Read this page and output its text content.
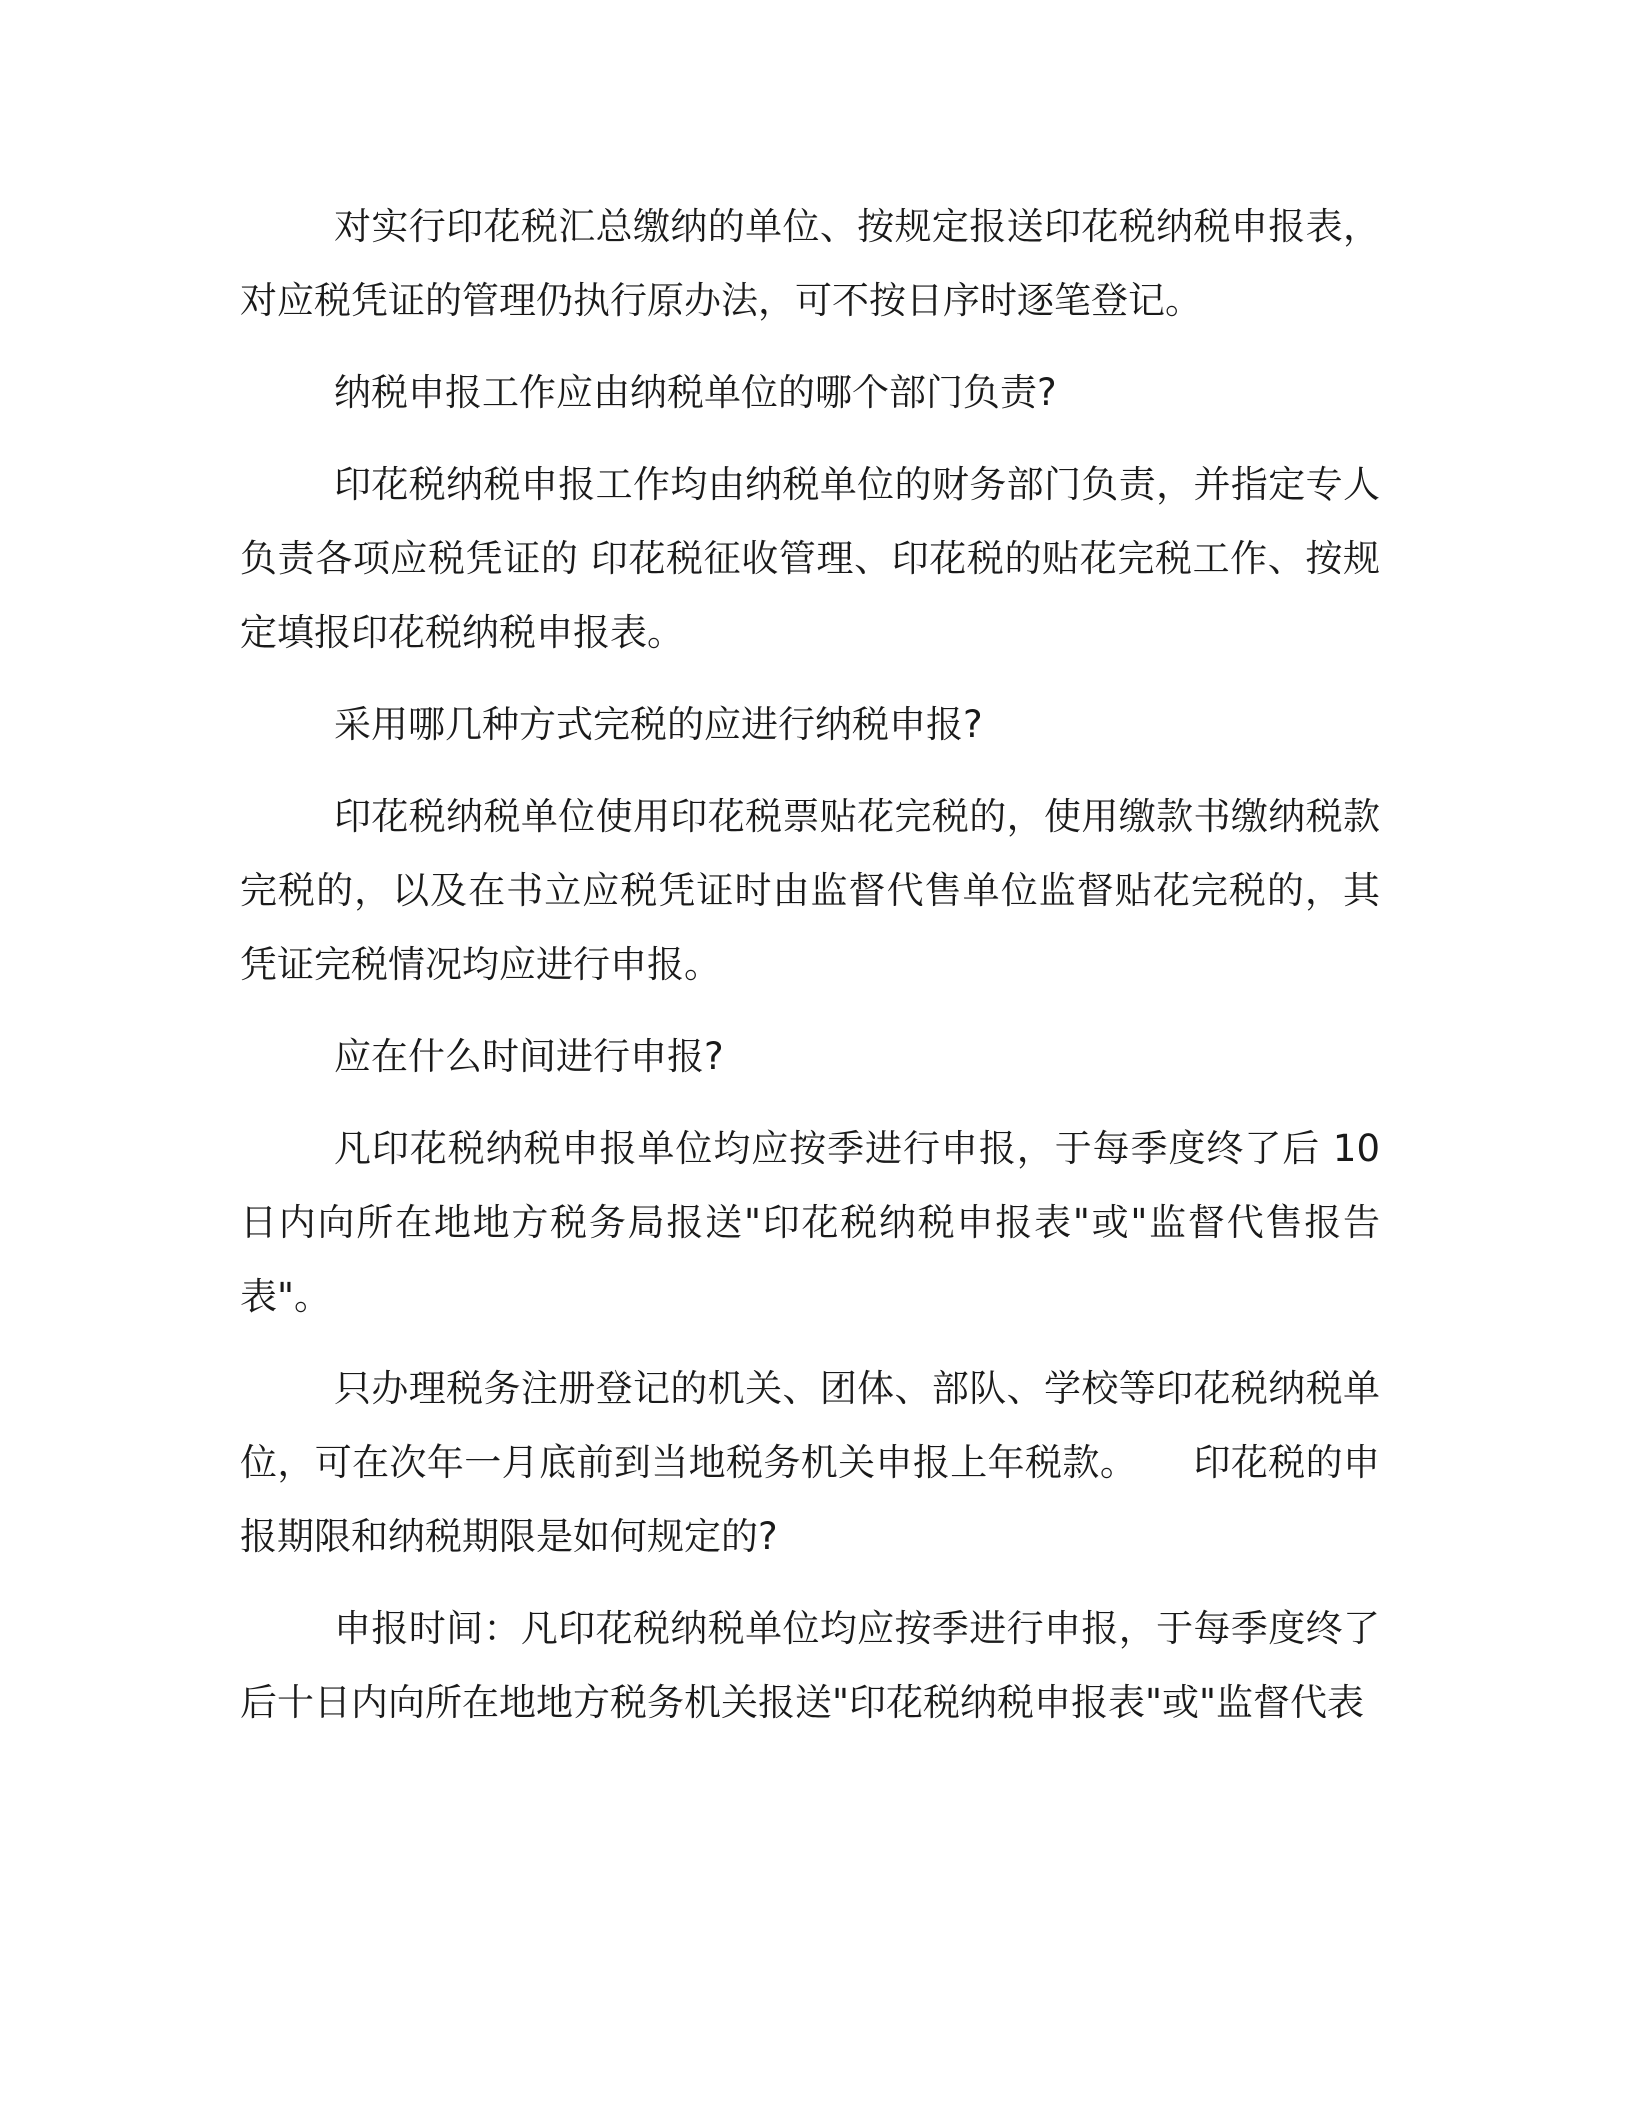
对实行印花税汇总缴纳的单位、按规定报送印花税纳税申报表，对应税凭证的管理仍执行原办法，可不按日序时逐笔登记。

纳税申报工作应由纳税单位的哪个部门负责?

印花税纳税申报工作均由纳税单位的财务部门负责，并指定专人负责各项应税凭证的 印花税征收管理、印花税的贴花完税工作、按规定填报印花税纳税申报表。

采用哪几种方式完税的应进行纳税申报?

印花税纳税单位使用印花税票贴花完税的，使用缴款书缴纳税款完税的，以及在书立应税凭证时由监督代售单位监督贴花完税的，其凭证完税情况均应进行申报。

应在什么时间进行申报?

凡印花税纳税申报单位均应按季进行申报，于每季度终了后 10 日内向所在地地方税务局报送"印花税纳税申报表"或"监督代售报告表"。

只办理税务注册登记的机关、团体、部队、学校等印花税纳税单位，可在次年一月底前到当地税务机关申报上年税款。　　印花税的申报期限和纳税期限是如何规定的?

申报时间：凡印花税纳税单位均应按季进行申报，于每季度终了后十日内向所在地地方税务机关报送"印花税纳税申报表"或"监督代表
